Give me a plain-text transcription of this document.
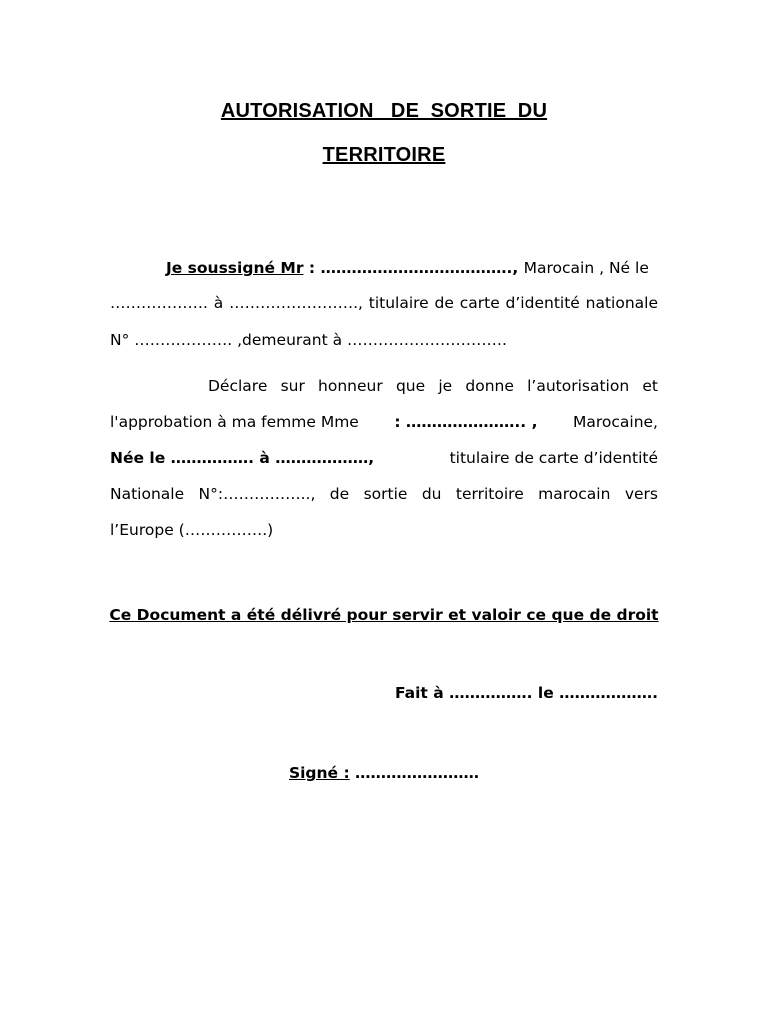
AUTORISATION   DE  SORTIE  DU
TERRITOIRE
Je soussigné Mr : ………………………………., Marocain , Né le
………………. à ……………………., titulaire de carte d’identité nationale
N° ………………. ,demeurant à ………………………….
Déclare sur honneur que je donne l’autorisation et
l'approbation à ma femme Mme : ………………….. , Marocaine,
Née le ……………. à ………………,	titulaire de carte d’identité
Nationale N°:…………….., de sortie du territoire marocain vers
l’Europe (…………….)
Ce Document a été délivré pour servir et valoir ce que de droit
Fait à ……………. le ……………….
Signé : ……………………
